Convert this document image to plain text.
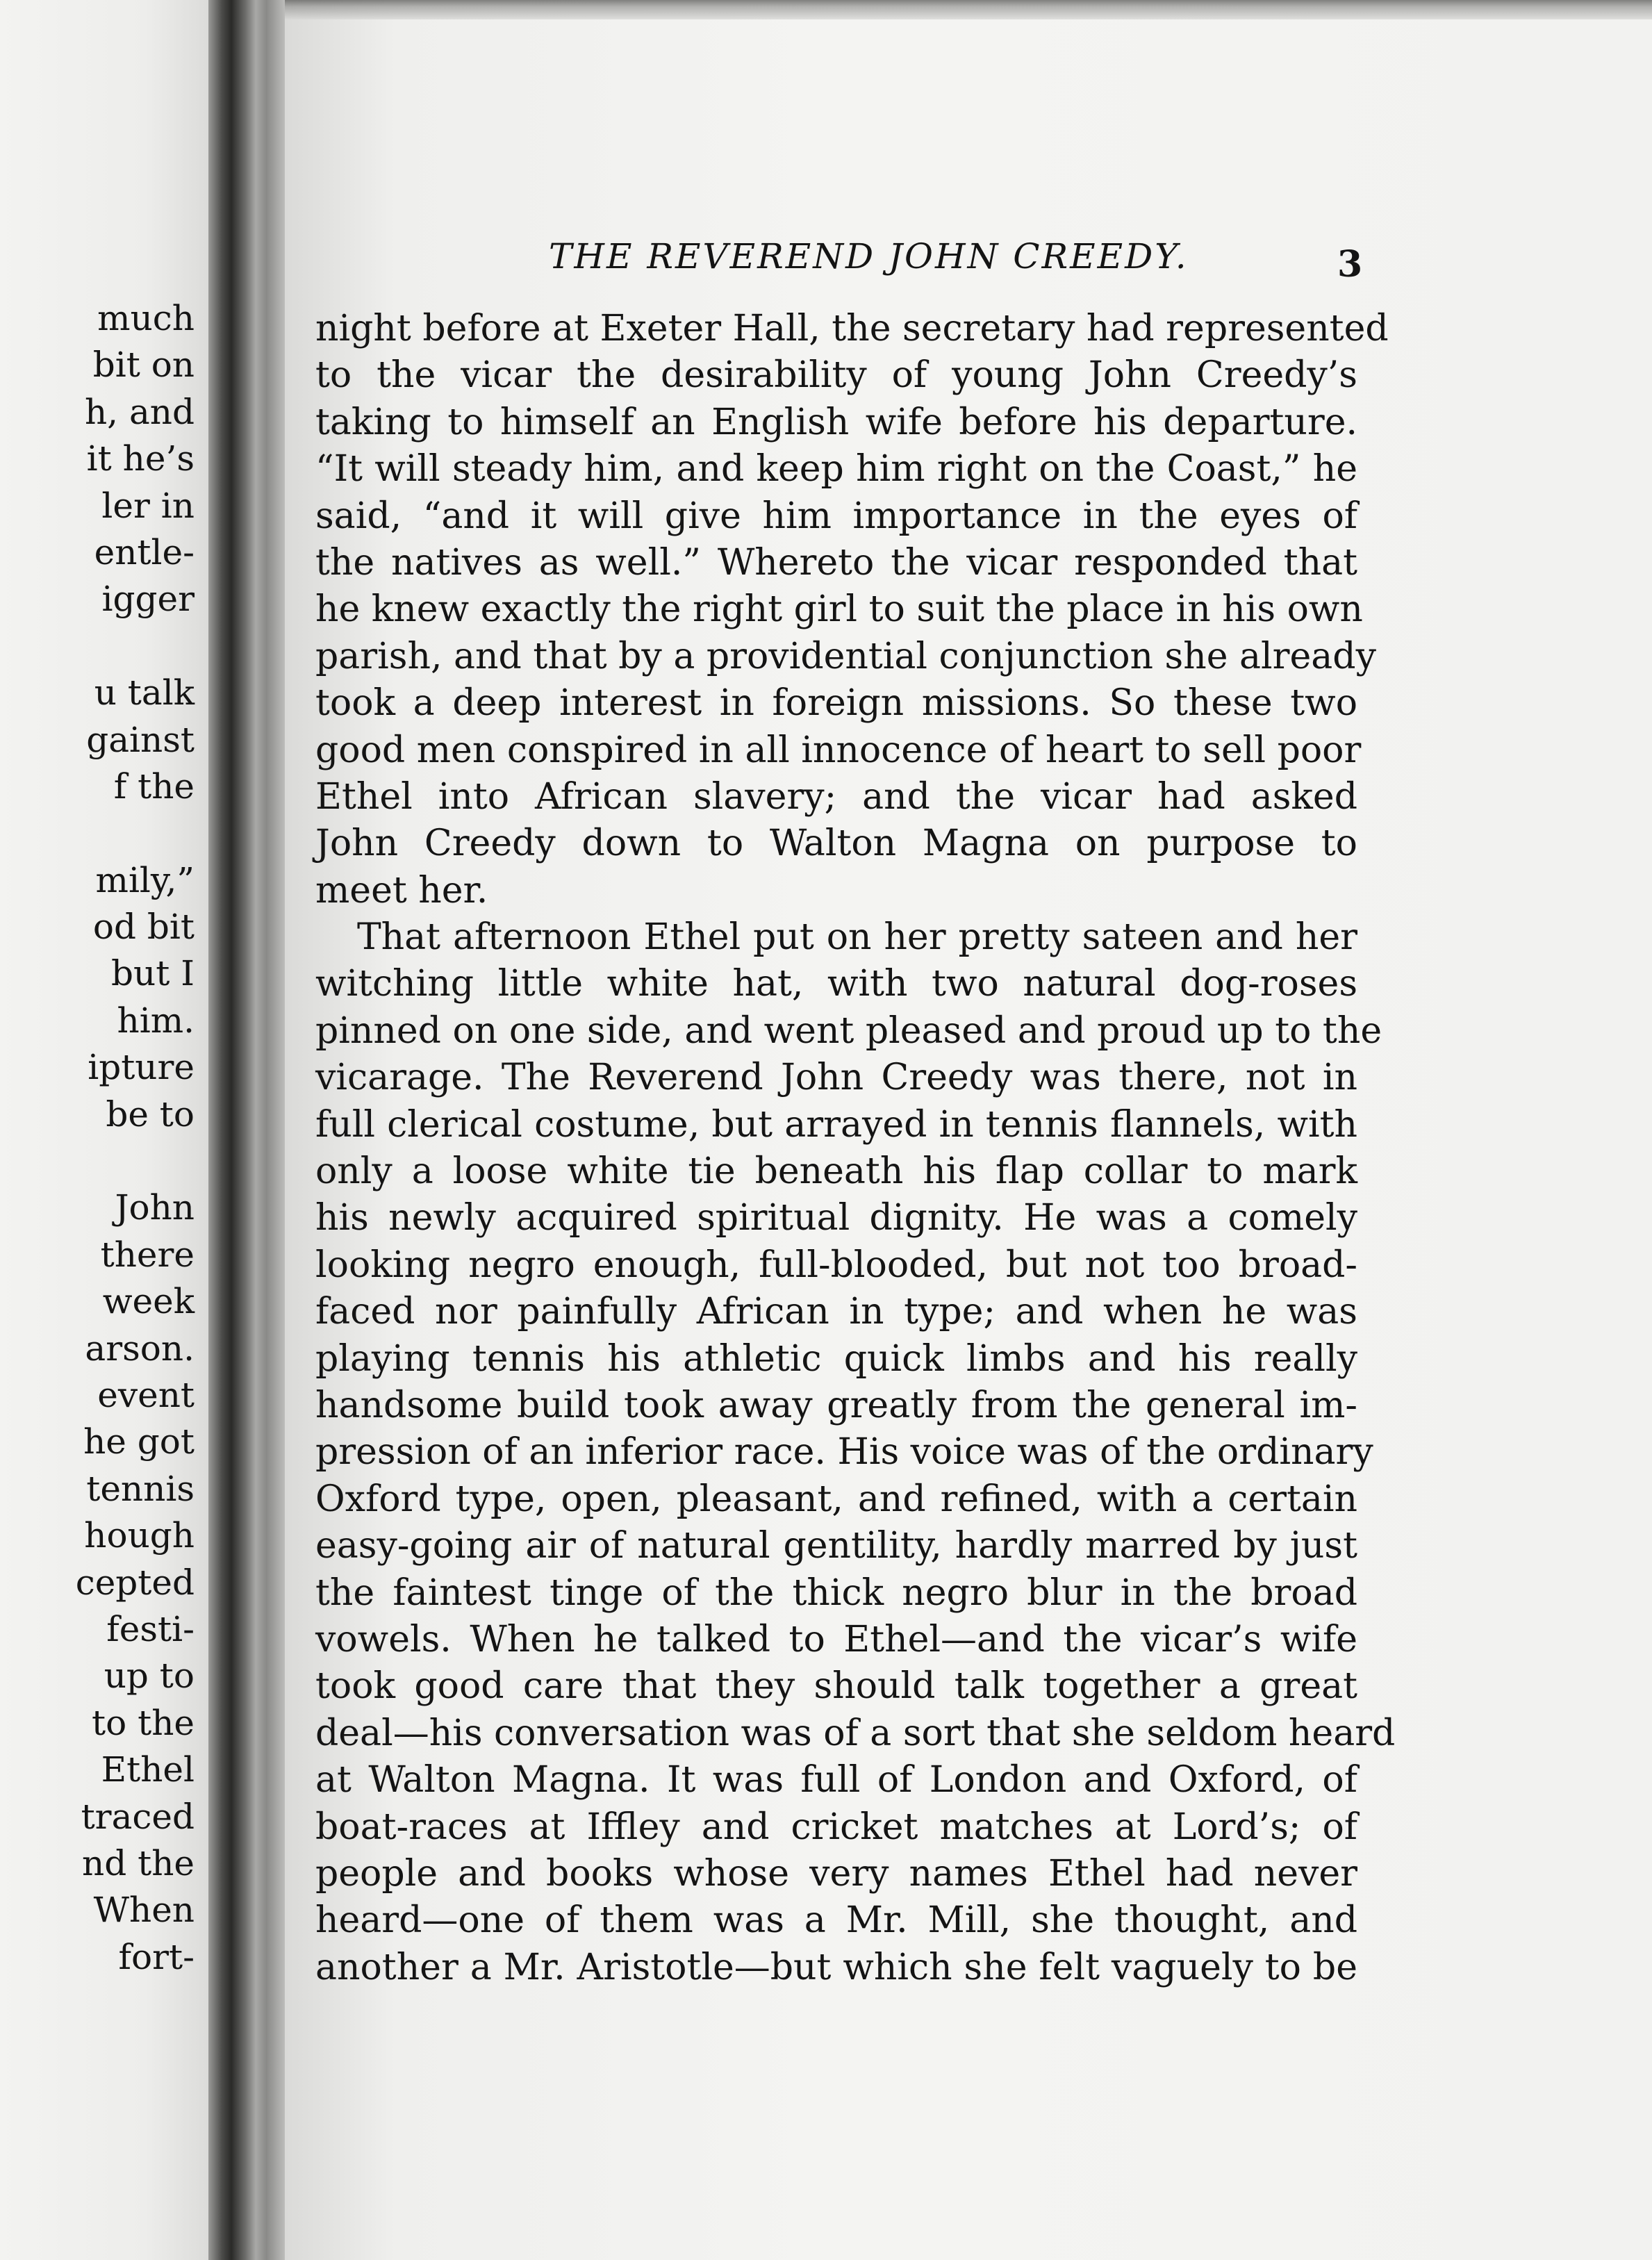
much
bit on
h, and
it he’s
ler in
entle-
igger
u talk
gainst
f the
mily,”
od bit
but I
him.
ipture
be to
John
there
week
arson.
event
he got
tennis
hough
cepted
festi-
up to
to the
Ethel
traced
nd the
When
fort-
THE REVEREND JOHN CREEDY.	3
night before at Exeter Hall, the secretary had represented
to the vicar the desirability of young John Creedy’s
taking to himself an English wife before his departure.
“It will steady him, and keep him right on the Coast,” he
said, “and it will give him importance in the eyes of
the natives as well.” Whereto the vicar responded that
he knew exactly the right girl to suit the place in his own
parish, and that by a providential conjunction she already
took a deep interest in foreign missions. So these two
good men conspired in all innocence of heart to sell poor
Ethel into African slavery; and the vicar had asked
John Creedy down to Walton Magna on purpose to
meet her.
That afternoon Ethel put on her pretty sateen and her
witching little white hat, with two natural dog-roses
pinned on one side, and went pleased and proud up to the
vicarage. The Reverend John Creedy was there, not in
full clerical costume, but arrayed in tennis flannels, with
only a loose white tie beneath his flap collar to mark
his newly acquired spiritual dignity. He was a comely
looking negro enough, full-blooded, but not too broad-
faced nor painfully African in type; and when he was
playing tennis his athletic quick limbs and his really
handsome build took away greatly from the general im-
pression of an inferior race. His voice was of the ordinary
Oxford type, open, pleasant, and refined, with a certain
easy-going air of natural gentility, hardly marred by just
the faintest tinge of the thick negro blur in the broad
vowels. When he talked to Ethel—and the vicar’s wife
took good care that they should talk together a great
deal—his conversation was of a sort that she seldom heard
at Walton Magna. It was full of London and Oxford, of
boat-races at Iffley and cricket matches at Lord’s; of
people and books whose very names Ethel had never
heard—one of them was a Mr. Mill, she thought, and
another a Mr. Aristotle—but which she felt vaguely to be
